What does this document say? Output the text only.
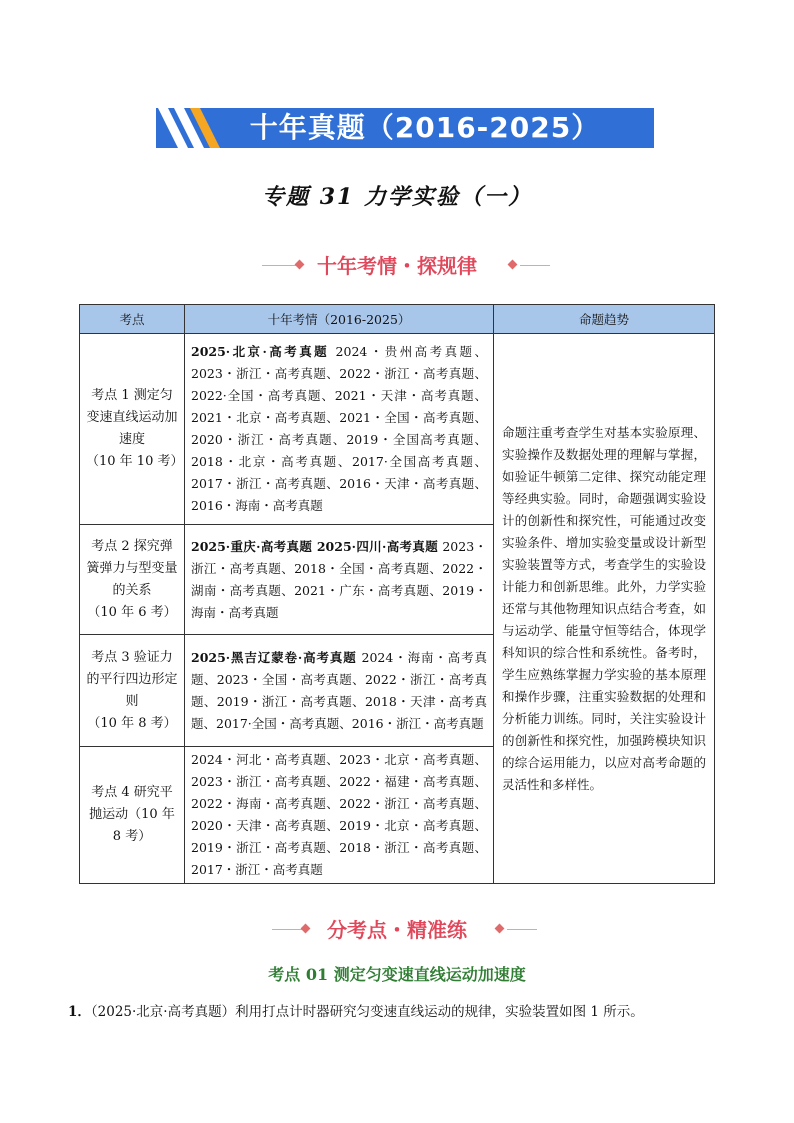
十年真题（2016-2025）
专题 31 力学实验（一）
十年考情・探规律
考点	十年考情（2016-2025）	命题趋势
考点 1 测定匀变速直线运动加速度
（10 年 10 考）	2025·北京·高考真题 2024・贵州高考真题、2023・浙江・高考真题、2022・浙江・高考真题、2022·全国・高考真题、2021・天津・高考真题、2021・北京・高考真题、2021・全国・高考真题、2020・浙江・高考真题、2019・全国高考真题、2018・北京・高考真题、2017·全国高考真题、2017・浙江・高考真题、2016・天津・高考真题、2016・海南・高考真题	命题注重考查学生对基本实验原理、实验操作及数据处理的理解与掌握，如验证牛顿第二定律、探究动能定理等经典实验。同时，命题强调实验设计的创新性和探究性，可能通过改变实验条件、增加实验变量或设计新型实验装置等方式，考查学生的实验设计能力和创新思维。此外，力学实验还常与其他物理知识点结合考查，如与运动学、能量守恒等结合，体现学科知识的综合性和系统性。备考时，学生应熟练掌握力学实验的基本原理和操作步骤，注重实验数据的处理和分析能力训练。同时，关注实验设计的创新性和探究性，加强跨模块知识的综合运用能力，以应对高考命题的灵活性和多样性。
考点 2 探究弹簧弹力与型变量的关系
（10 年 6 考）	2025·重庆·高考真题 2025·四川·高考真题 2023・浙江・高考真题、2018・全国・高考真题、2022・湖南・高考真题、2021・广东・高考真题、2019・海南・高考真题	
考点 3 验证力的平行四边形定则
（10 年 8 考）	2025·黑吉辽蒙卷·高考真题 2024・海南・高考真题、2023・全国・高考真题、2022・浙江・高考真题、2019・浙江・高考真题、2018・天津・高考真题、2017·全国・高考真题、2016・浙江・高考真题	
考点 4 研究平抛运动（10 年 8 考）	2024・河北・高考真题、2023・北京・高考真题、2023・浙江・高考真题、2022・福建・高考真题、2022・海南・高考真题、2022・浙江・高考真题、2020・天津・高考真题、2019・北京・高考真题、2019・浙江・高考真题、2018・浙江・高考真题、2017・浙江・高考真题	
分考点・精准练
考点 01 测定匀变速直线运动加速度
1．（2025·北京·高考真题）利用打点计时器研究匀变速直线运动的规律，实验装置如图 1 所示。
